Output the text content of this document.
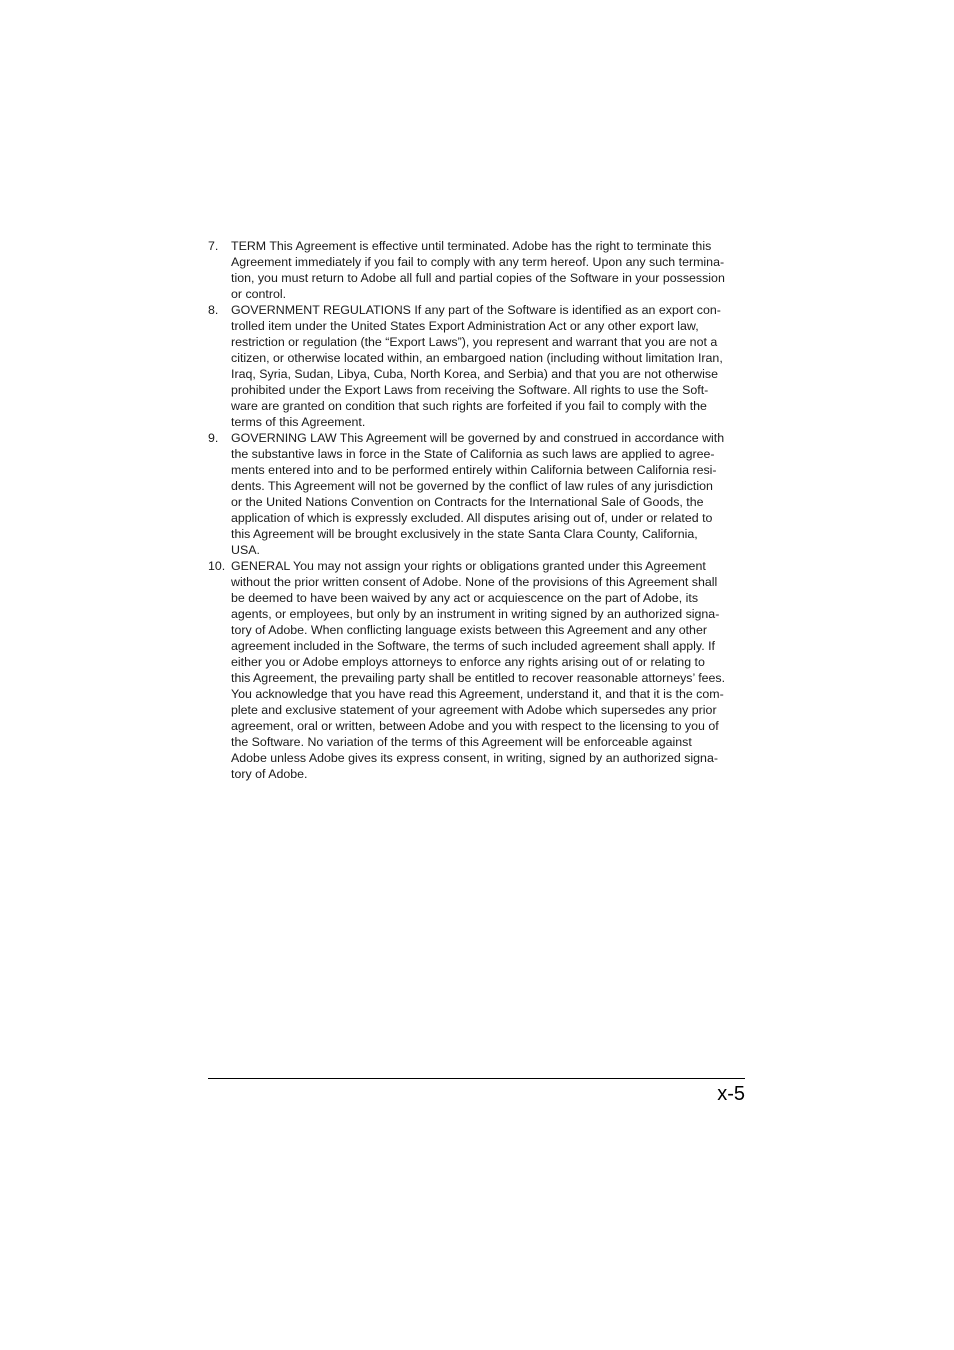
7.	TERM This Agreement is effective until terminated. Adobe has the right to terminate this
Agreement immediately if you fail to comply with any term hereof. Upon any such termina-
tion, you must return to Adobe all full and partial copies of the Software in your possession
or control.
8.	GOVERNMENT REGULATIONS If any part of the Software is identified as an export con-
trolled item under the United States Export Administration Act or any other export law,
restriction or regulation (the “Export Laws”), you represent and warrant that you are not a
citizen, or otherwise located within, an embargoed nation (including without limitation Iran,
Iraq, Syria, Sudan, Libya, Cuba, North Korea, and Serbia) and that you are not otherwise
prohibited under the Export Laws from receiving the Software. All rights to use the Soft-
ware are granted on condition that such rights are forfeited if you fail to comply with the
terms of this Agreement.
9.	GOVERNING LAW This Agreement will be governed by and construed in accordance with
the substantive laws in force in the State of California as such laws are applied to agree-
ments entered into and to be performed entirely within California between California resi-
dents. This Agreement will not be governed by the conflict of law rules of any jurisdiction
or the United Nations Convention on Contracts for the International Sale of Goods, the
application of which is expressly excluded. All disputes arising out of, under or related to
this Agreement will be brought exclusively in the state Santa Clara County, California,
USA.
10. GENERAL You may not assign your rights or obligations granted under this Agreement
without the prior written consent of Adobe. None of the provisions of this Agreement shall
be deemed to have been waived by any act or acquiescence on the part of Adobe, its
agents, or employees, but only by an instrument in writing signed by an authorized signa-
tory of Adobe. When conflicting language exists between this Agreement and any other
agreement included in the Software, the terms of such included agreement shall apply. If
either you or Adobe employs attorneys to enforce any rights arising out of or relating to
this Agreement, the prevailing party shall be entitled to recover reasonable attorneys’ fees.
You acknowledge that you have read this Agreement, understand it, and that it is the com-
plete and exclusive statement of your agreement with Adobe which supersedes any prior
agreement, oral or written, between Adobe and you with respect to the licensing to you of
the Software. No variation of the terms of this Agreement will be enforceable against
Adobe unless Adobe gives its express consent, in writing, signed by an authorized signa-
tory of Adobe.
x-5
